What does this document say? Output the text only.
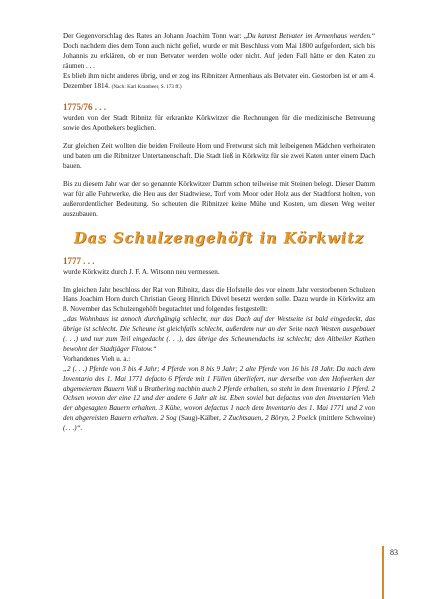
Der Gegenvorschlag des Rates an Johann Joachim Tonn war: „Du kannst Betvater im Armenhaus werden.“ Doch nachdem dies dem Tonn auch nicht gefiel, wurde er mit Beschluss vom Mai 1800 aufgefordert, sich bis Johannis zu erklären, ob er nun Betvater werden wolle oder nicht. Auf jeden Fall hätte er den Katen zu räumen . . .

Es blieb ihm nicht anderes übrig, und er zog ins Ribnitzer Armenhaus als Betvater ein. Gestorben ist er am 4. Dezember 1814. (Nach: Karl Krambeer, S. 173 ff.)

1775/76 . . .

wurden von der Stadt Ribnitz für erkrankte Körkwitzer die Rechnungen für die medizinische Betreuung sowie des Apothekers beglichen.

Zur gleichen Zeit wollten die beiden Freileute Horn und Fretwurst sich mit leibeigenen Mädchen verheiraten und baten um die Ribnitzer Untertanenschaft. Die Stadt ließ in Körkwitz für sie zwei Katen unter einem Dach bauen.

Bis zu diesem Jahr war der so genannte Körkwitzer Damm schon teilweise mit Steinen belegt. Dieser Damm war für alle Fuhrwerke, die Heu aus der Stadtwiese, Torf vom Moor oder Holz aus der Stadtforst holten, von außerordentlicher Bedeutung. So scheuten die Ribnitzer keine Mühe und Kosten, um diesen Weg weiter auszubauen.

Das Schulzengehöft in Körkwitz
1777 . . .

wurde Körkwitz durch J. F. A. Witsonn neu vermessen.

Im gleichen Jahr beschloss der Rat von Ribnitz, dass die Hofstelle des vor einem Jahr verstorbenen Schulzen Hans Joachim Horn durch Christian Georg Hinrich Düvel besetzt werden solle. Dazu wurde in Körkwitz am 8. November das Schulzengehöft begutachtet und folgendes festgestellt:

„das Wohnhaus ist annoch durchgängig schlecht, nur das Dach auf der Westseite ist bald eingedeckt, das übrige ist schlecht. Die Scheune ist gleichfalls schlecht, außerdem nur an der Seite nach Westen ausgebauet (. . .) und nur zum Teil eingedacht (. . .), das übrige des Scheunendachs ist schlecht; den Altbeiler Kathen bewohnt der Stadtjäger Flotow.“

Vorhandenes Vieh u. a.:

„2 (. . .) Pferde von 3 bis 4 Jahr; 4 Pferde von 8 bis 9 Jahr; 2 alte Pferde von 16 bis 18 Jahr. Da nach dem Inventario des 1. Mai 1771 defacto 6 Pferde mit 1 Füllen überliefert, nur derselbe von den Hofwerken der abgemeierten Bauern Voß u Bratbering nachbin auch 2 Pferde erhalten, so steht in dem Inventario 1 Pferd. 2 Ochsen wovon der eine 12 und der andere 6 Jahr alt ist. Eben soviel bat defactus von den Inventarien Vieh der abgesagten Bauern erhalten. 3 Kühe, wovon defactus 1 nach dem Inventario des 1. Mai 1771 und 2 von den abgereisten Bauern erhalten. 2 Sog (Saug)-Kälber, 2 Zuchtsauen, 2 Böryn, 2 Poelck (mittlere Schweine) (. . .)“.

83
